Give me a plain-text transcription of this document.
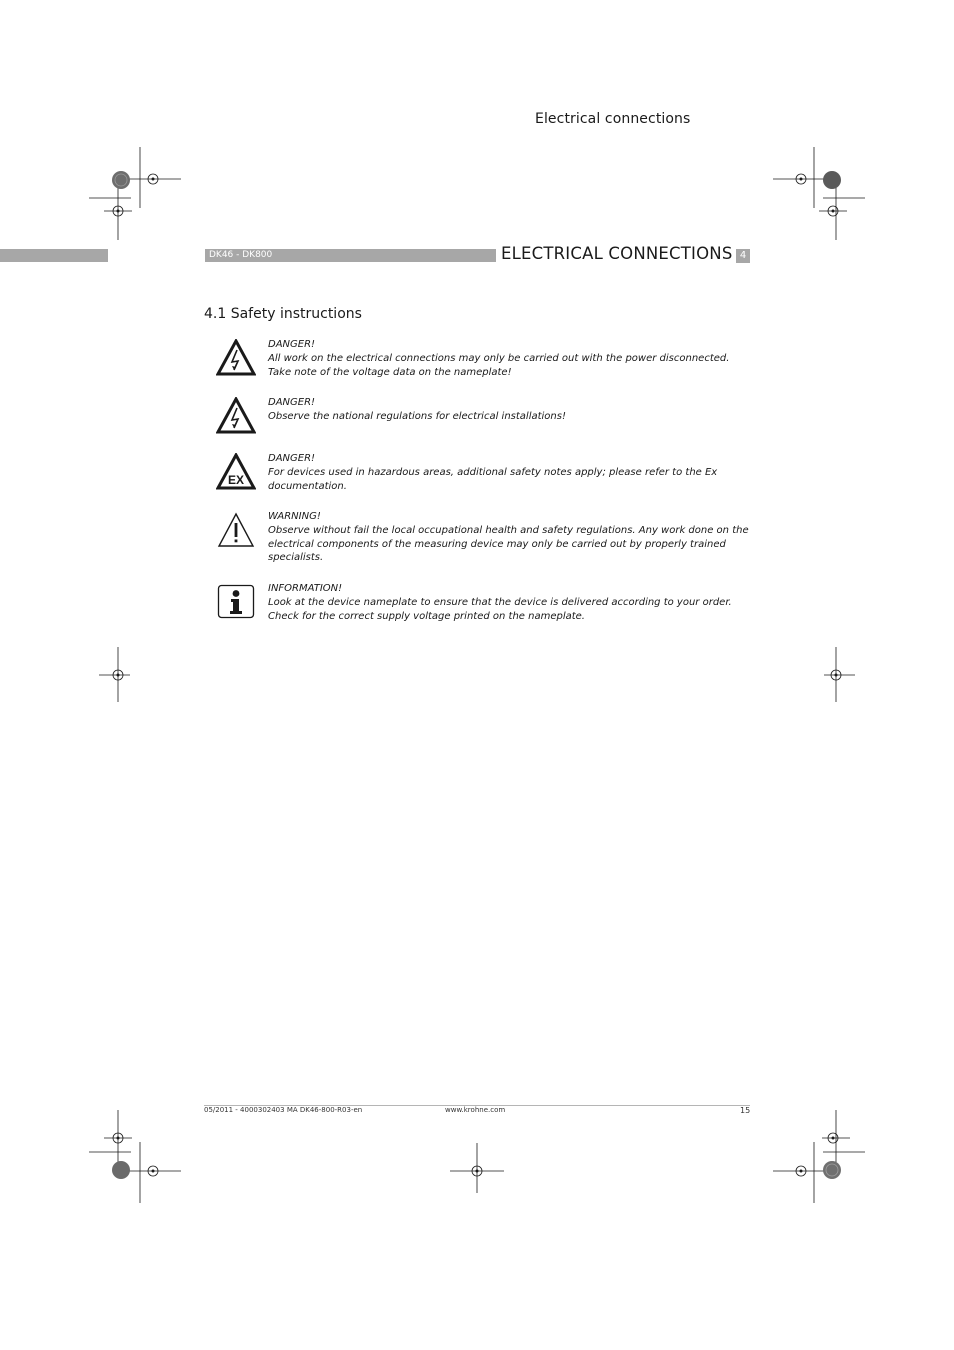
Electrical connections
DK46 - DK800	ELECTRICAL CONNECTIONS 4
4.1 Safety instructions
DANGER!
All work on the electrical connections may only be carried out with the power disconnected. Take note of the voltage data on the nameplate!
DANGER!
Observe the national regulations for electrical installations!
EX
DANGER!
For devices used in hazardous areas, additional safety notes apply; please refer to the Ex documentation.
WARNING!
Observe without fail the local occupational health and safety regulations. Any work done on the electrical components of the measuring device may only be carried out by properly trained specialists.
INFORMATION!
Look at the device nameplate to ensure that the device is delivered according to your order. Check for the correct supply voltage printed on the nameplate.
05/2011 - 4000302403 MA DK46-800-R03-en	www.krohne.com	15
